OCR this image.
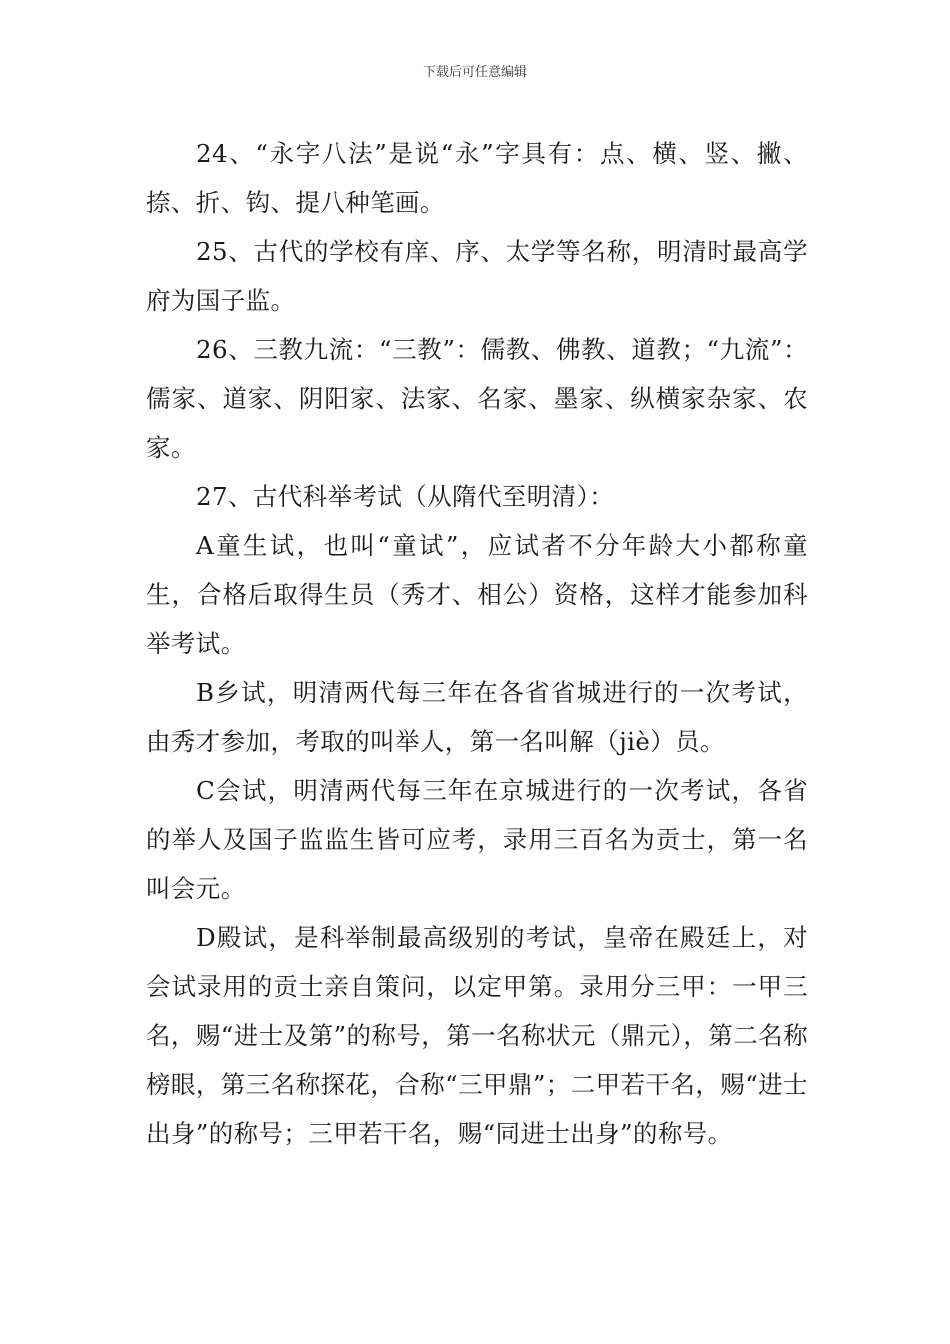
下载后可任意编辑

24、“永字八法”是说“永”字具有：点、横、竖、撇、捺、折、钩、提八种笔画。

25、古代的学校有庠、序、太学等名称，明清时最高学府为国子监。

26、三教九流：“三教”：儒教、佛教、道教；“九流”：儒家、道家、阴阳家、法家、名家、墨家、纵横家杂家、农家。

27、古代科举考试（从隋代至明清）：

A童生试，也叫“童试”，应试者不分年龄大小都称童生，合格后取得生员（秀才、相公）资格，这样才能参加科举考试。

B乡试，明清两代每三年在各省省城进行的一次考试，由秀才参加，考取的叫举人，第一名叫解（jiè）员。

C会试，明清两代每三年在京城进行的一次考试，各省的举人及国子监监生皆可应考，录用三百名为贡士，第一名叫会元。

D殿试，是科举制最高级别的考试，皇帝在殿廷上，对会试录用的贡士亲自策问，以定甲第。录用分三甲：一甲三名，赐“进士及第”的称号，第一名称状元（鼎元），第二名称榜眼，第三名称探花，合称“三甲鼎”；二甲若干名，赐“进士出身”的称号；三甲若干名，赐“同进士出身”的称号。
